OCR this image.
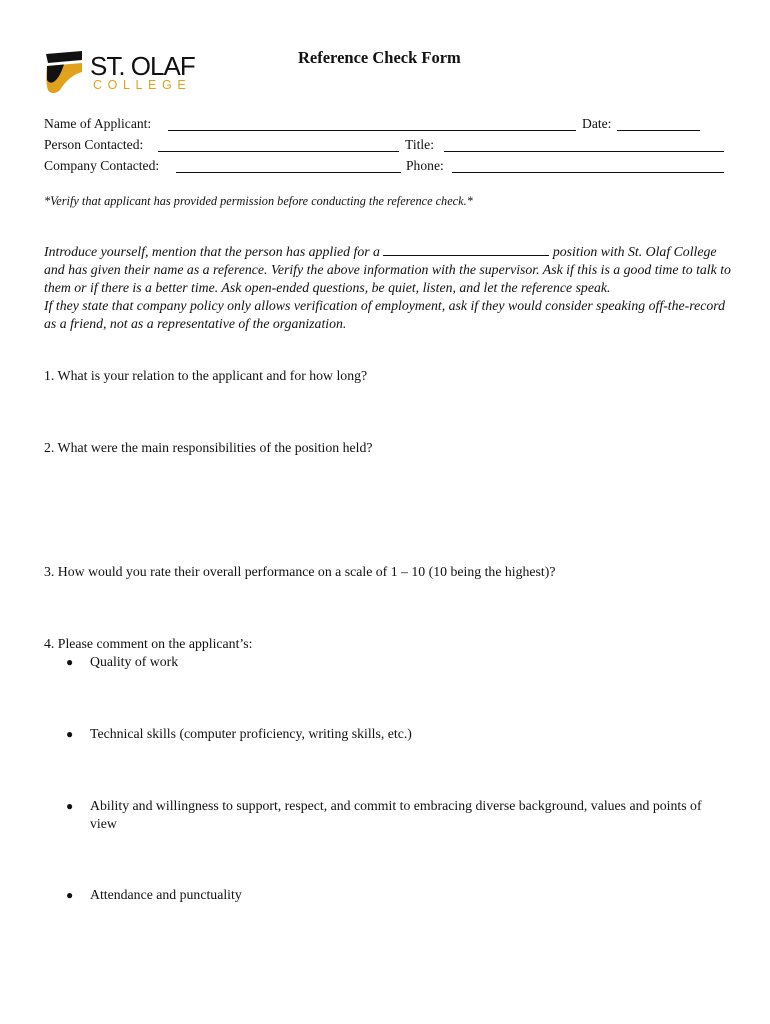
ST. OLAF
COLLEGE
Reference Check Form
Name of Applicant:	Date:
Person Contacted:	Title:
Company Contacted:	Phone:
*Verify that applicant has provided permission before conducting the reference check.*

Introduce yourself, mention that the person has applied for a	position with St. Olaf College and has given their name as a reference. Verify the above information with the supervisor. Ask if this is a good time to talk to them or if there is a better time. Ask open-ended questions, be quiet, listen, and let the reference speak.

If they state that company policy only allows verification of employment, ask if they would consider speaking off-the-record as a friend, not as a representative of the organization.

1. What is your relation to the applicant and for how long?
2. What were the main responsibilities of the position held?
3. How would you rate their overall performance on a scale of 1 – 10 (10 being the highest)?
4. Please comment on the applicant’s:
● Quality of work
● Technical skills (computer proficiency, writing skills, etc.)
● Ability and willingness to support, respect, and commit to embracing diverse background, values and points of view
● Attendance and punctuality
